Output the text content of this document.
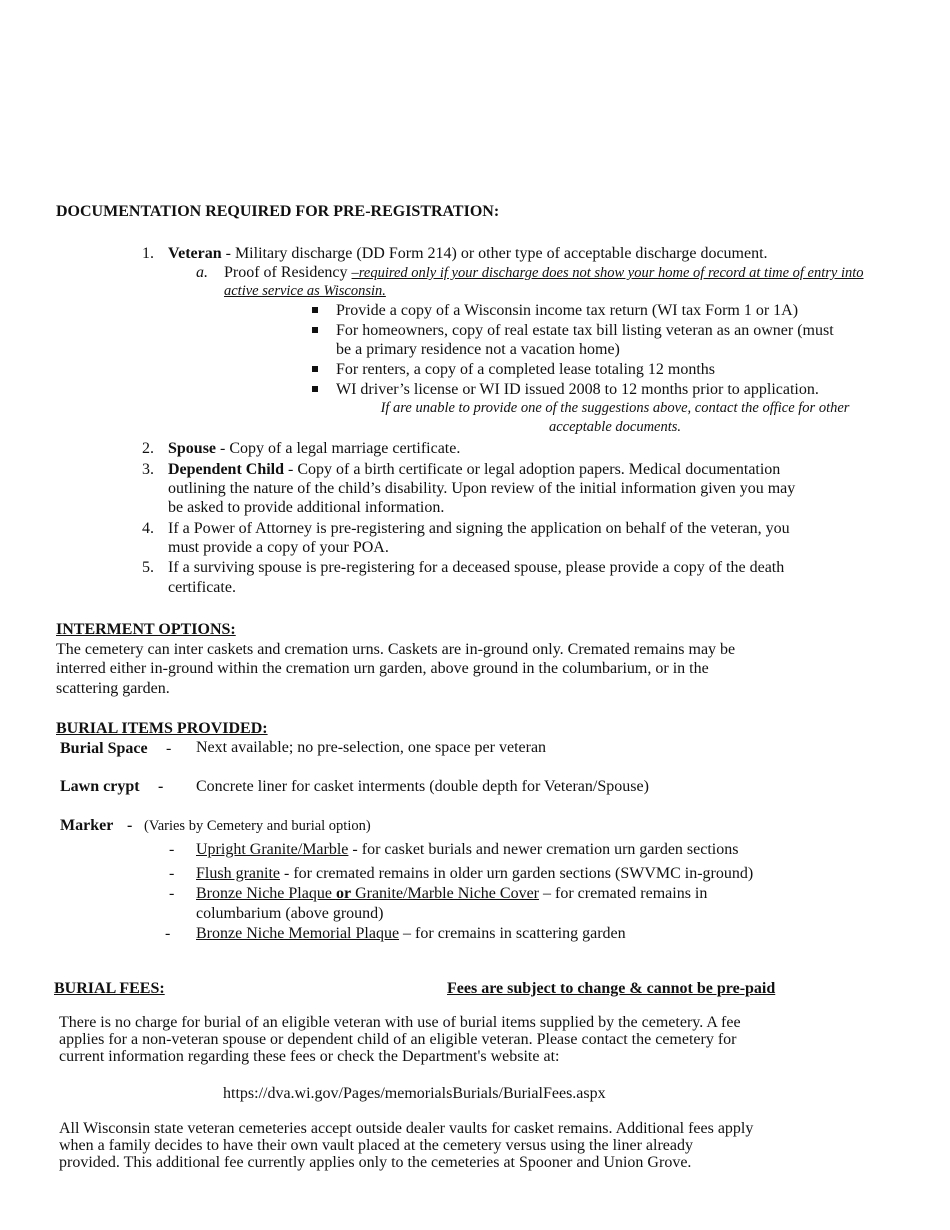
DOCUMENTATION REQUIRED FOR PRE-REGISTRATION:
1. Veteran - Military discharge (DD Form 214) or other type of acceptable discharge document.
a. Proof of Residency –required only if your discharge does not show your home of record at time of entry into
active service as Wisconsin.
Provide a copy of a Wisconsin income tax return (WI tax Form 1 or 1A)
For homeowners, copy of real estate tax bill listing veteran as an owner (must
be a primary residence not a vacation home)
For renters, a copy of a completed lease totaling 12 months
WI driver’s license or WI ID issued 2008 to 12 months prior to application.
If are unable to provide one of the suggestions above, contact the office for other
acceptable documents.
2. Spouse - Copy of a legal marriage certificate.
3. Dependent Child - Copy of a birth certificate or legal adoption papers. Medical documentation
outlining the nature of the child’s disability. Upon review of the initial information given you may
be asked to provide additional information.
4. If a Power of Attorney is pre-registering and signing the application on behalf of the veteran, you
must provide a copy of your POA.
5. If a surviving spouse is pre-registering for a deceased spouse, please provide a copy of the death
certificate.
INTERMENT OPTIONS:
The cemetery can inter caskets and cremation urns. Caskets are in-ground only. Cremated remains may be
interred either in-ground within the cremation urn garden, above ground in the columbarium, or in the
scattering garden.
BURIAL ITEMS PROVIDED:
Burial Space - Next available; no pre-selection, one space per veteran
Lawn crypt - Concrete liner for casket interments (double depth for Veteran/Spouse)
Marker - (Varies by Cemetery and burial option)
- Upright Granite/Marble - for casket burials and newer cremation urn garden sections
- Flush granite - for cremated remains in older urn garden sections (SWVMC in-ground)
- Bronze Niche Plaque or Granite/Marble Niche Cover – for cremated remains in
columbarium (above ground)
- Bronze Niche Memorial Plaque – for cremains in scattering garden
BURIAL FEES:	Fees are subject to change & cannot be pre-paid
There is no charge for burial of an eligible veteran with use of burial items supplied by the cemetery. A fee
applies for a non-veteran spouse or dependent child of an eligible veteran. Please contact the cemetery for
current information regarding these fees or check the Department's website at:
https://dva.wi.gov/Pages/memorialsBurials/BurialFees.aspx
All Wisconsin state veteran cemeteries accept outside dealer vaults for casket remains. Additional fees apply
when a family decides to have their own vault placed at the cemetery versus using the liner already
provided. This additional fee currently applies only to the cemeteries at Spooner and Union Grove.
